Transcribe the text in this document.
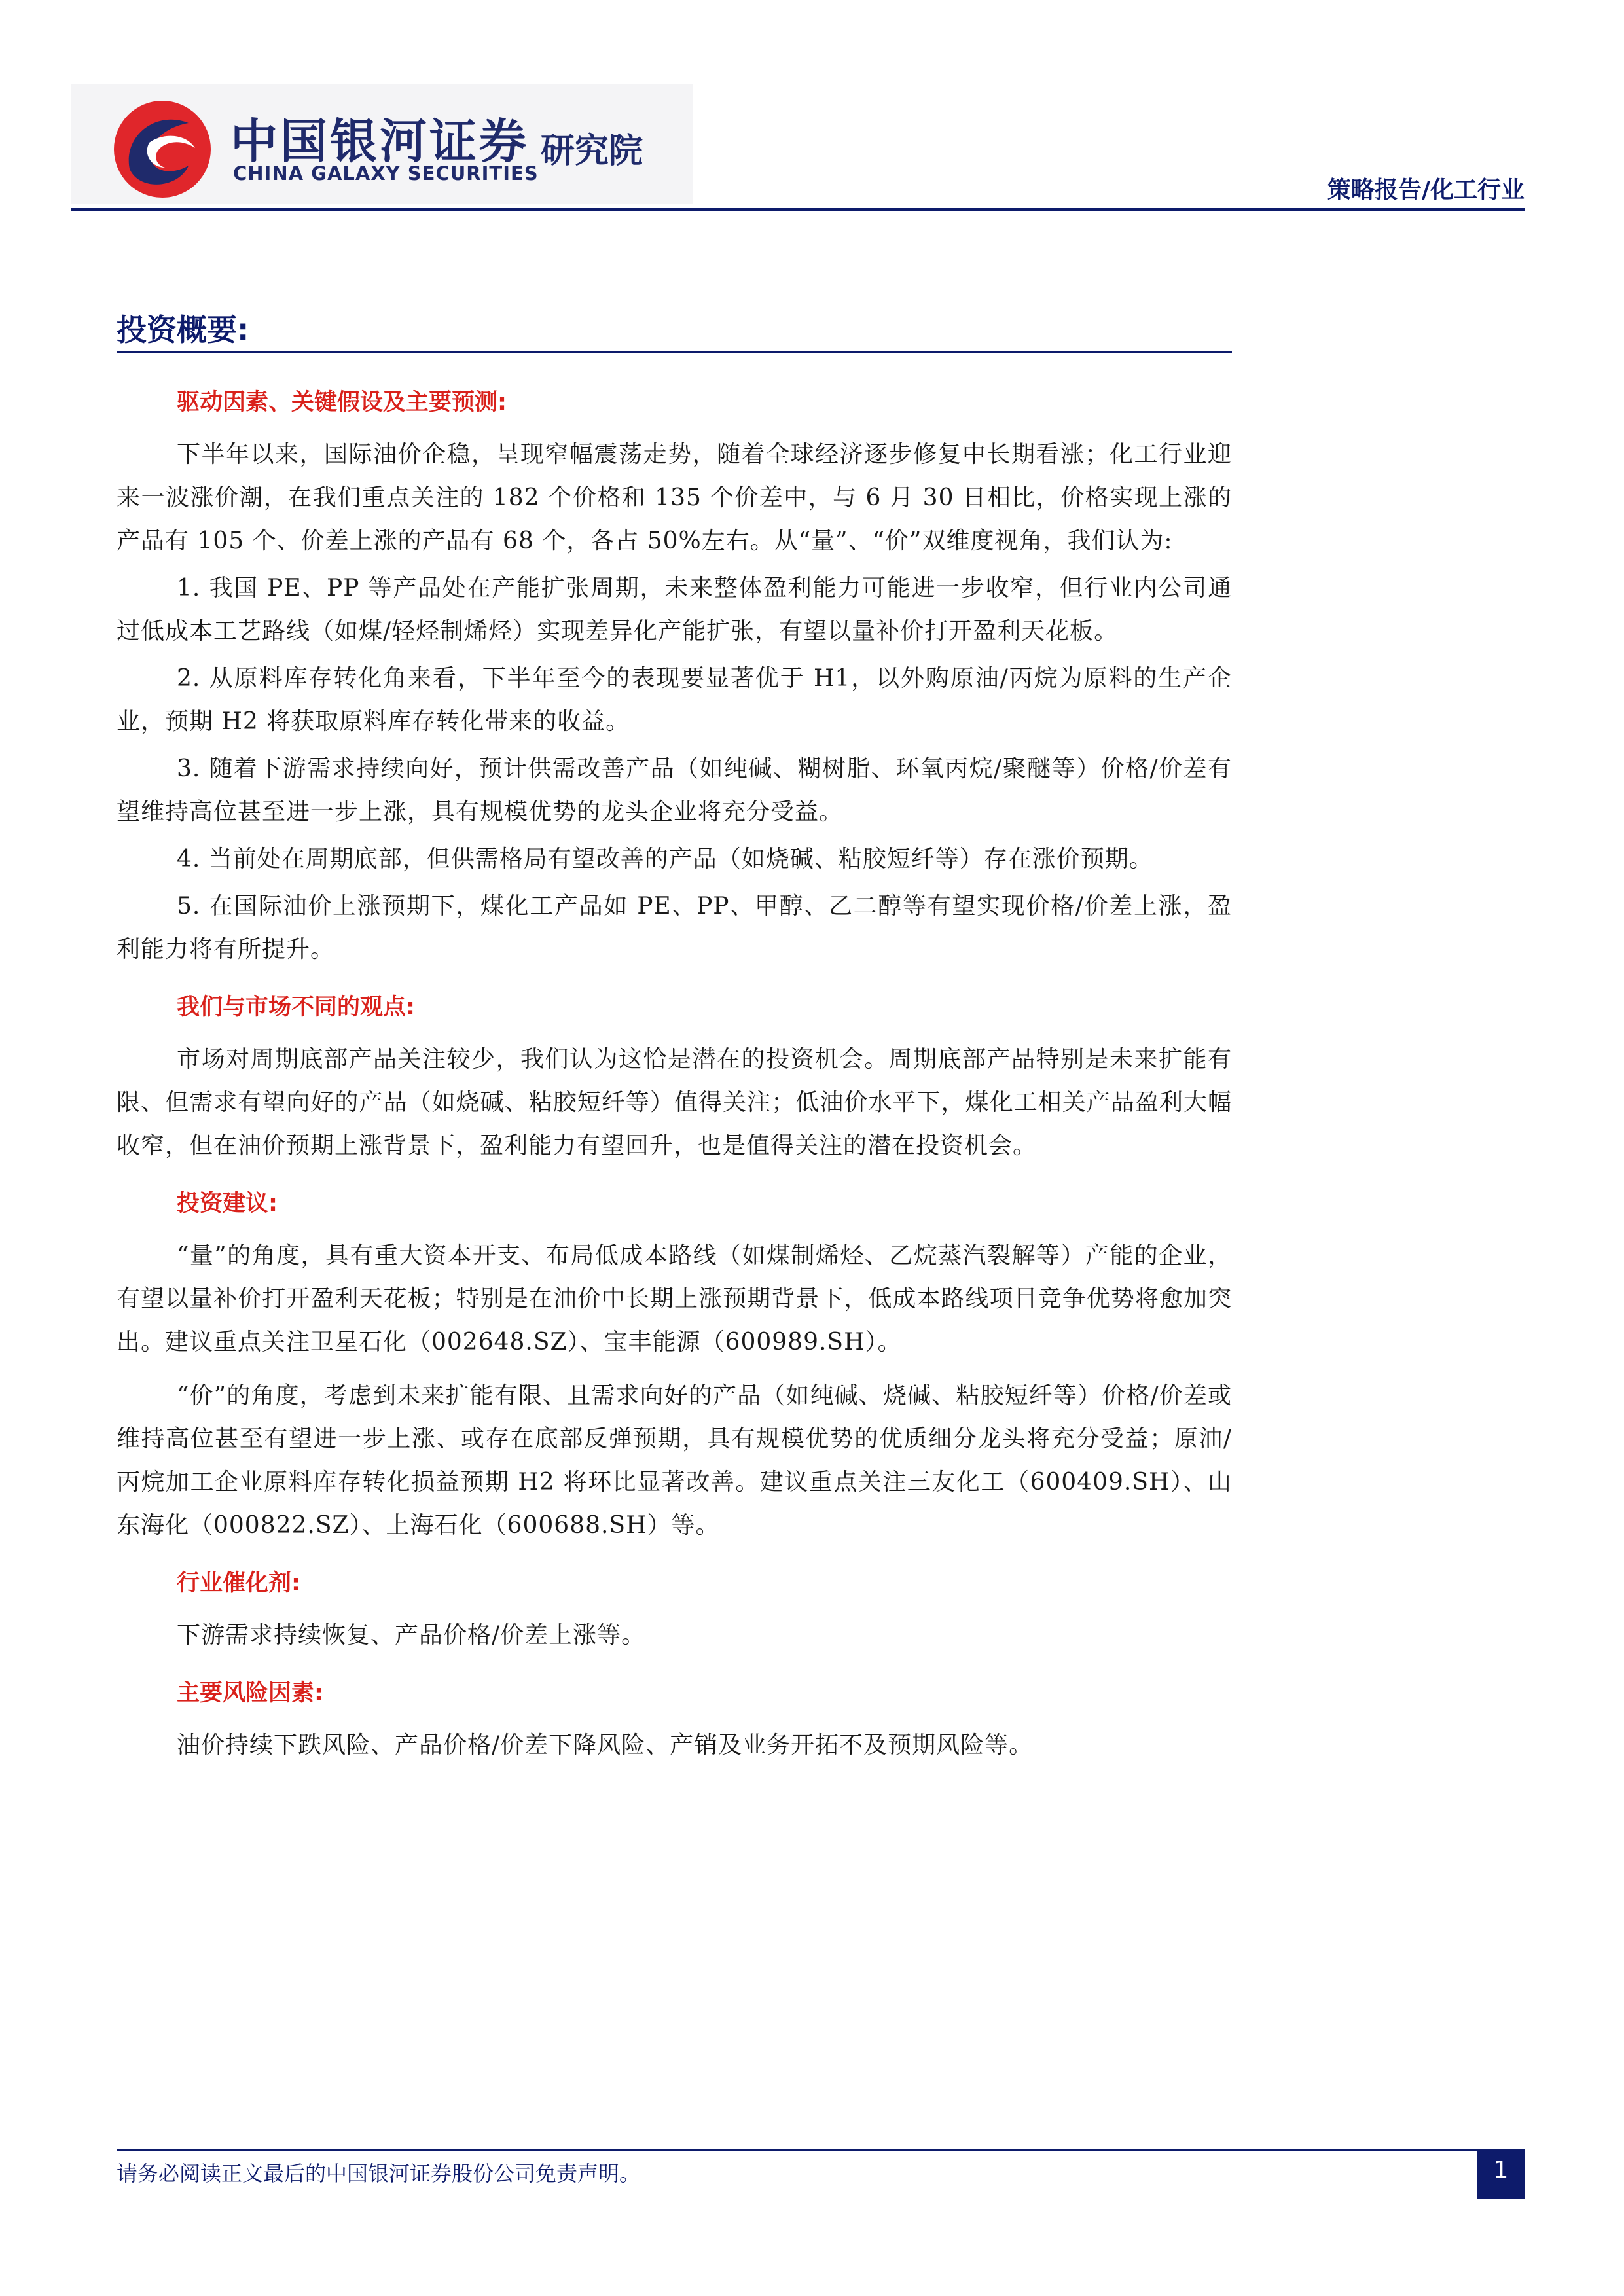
中国银河证券
CHINA GALAXY SECURITIES
研究院
策略报告/化工行业
投资概要:
驱动因素、关键假设及主要预测:

下半年以来，国际油价企稳，呈现窄幅震荡走势，随着全球经济逐步修复中长期看涨；化工行业迎来一波涨价潮，在我们重点关注的 182 个价格和 135 个价差中，与 6 月 30 日相比，价格实现上涨的产品有 105 个、价差上涨的产品有 68 个，各占 50%左右。从“量”、“价”双维度视角，我们认为:

1. 我国 PE、PP 等产品处在产能扩张周期，未来整体盈利能力可能进一步收窄，但行业内公司通过低成本工艺路线（如煤/轻烃制烯烃）实现差异化产能扩张，有望以量补价打开盈利天花板。

2. 从原料库存转化角来看，下半年至今的表现要显著优于 H1，以外购原油/丙烷为原料的生产企业，预期 H2 将获取原料库存转化带来的收益。

3. 随着下游需求持续向好，预计供需改善产品（如纯碱、糊树脂、环氧丙烷/聚醚等）价格/价差有望维持高位甚至进一步上涨，具有规模优势的龙头企业将充分受益。

4. 当前处在周期底部，但供需格局有望改善的产品（如烧碱、粘胶短纤等）存在涨价预期。

5. 在国际油价上涨预期下，煤化工产品如 PE、PP、甲醇、乙二醇等有望实现价格/价差上涨，盈利能力将有所提升。

我们与市场不同的观点:

市场对周期底部产品关注较少，我们认为这恰是潜在的投资机会。周期底部产品特别是未来扩能有限、但需求有望向好的产品（如烧碱、粘胶短纤等）值得关注；低油价水平下，煤化工相关产品盈利大幅收窄，但在油价预期上涨背景下，盈利能力有望回升，也是值得关注的潜在投资机会。

投资建议:

“量”的角度，具有重大资本开支、布局低成本路线（如煤制烯烃、乙烷蒸汽裂解等）产能的企业，有望以量补价打开盈利天花板；特别是在油价中长期上涨预期背景下，低成本路线项目竞争优势将愈加突出。建议重点关注卫星石化（002648.SZ）、宝丰能源（600989.SH）。

“价”的角度，考虑到未来扩能有限、且需求向好的产品（如纯碱、烧碱、粘胶短纤等）价格/价差或维持高位甚至有望进一步上涨、或存在底部反弹预期，具有规模优势的优质细分龙头将充分受益；原油/丙烷加工企业原料库存转化损益预期 H2 将环比显著改善。建议重点关注三友化工（600409.SH）、山东海化（000822.SZ）、上海石化（600688.SH）等。

行业催化剂:

下游需求持续恢复、产品价格/价差上涨等。

主要风险因素:

油价持续下跌风险、产品价格/价差下降风险、产销及业务开拓不及预期风险等。

请务必阅读正文最后的中国银河证券股份公司免责声明。	1
